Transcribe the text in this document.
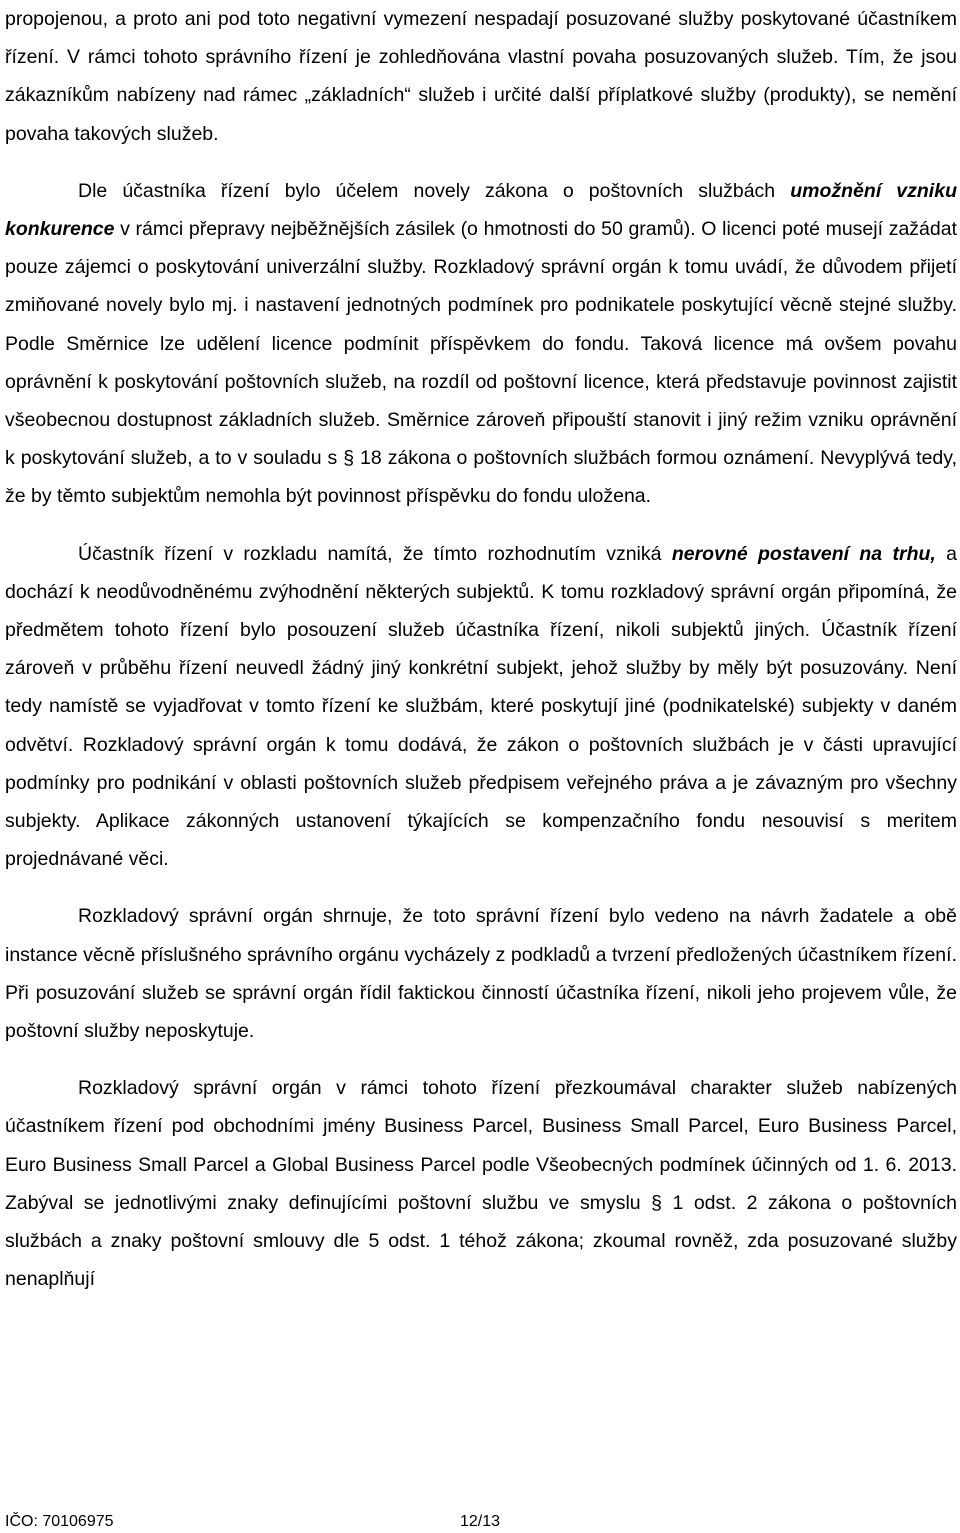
propojenou, a proto ani pod toto negativní vymezení nespadají posuzované služby poskytované účastníkem řízení. V rámci tohoto správního řízení je zohledňována vlastní povaha posuzovaných služeb. Tím, že jsou zákazníkům nabízeny nad rámec „základních“ služeb i určité další příplatkové služby (produkty), se nemění povaha takových služeb.

Dle účastníka řízení bylo účelem novely zákona o poštovních službách umožnění vzniku konkurence v rámci přepravy nejběžnějších zásilek (o hmotnosti do 50 gramů). O licenci poté musejí zažádat pouze zájemci o poskytování univerzální služby. Rozkladový správní orgán k tomu uvádí, že důvodem přijetí zmiňované novely bylo mj. i nastavení jednotných podmínek pro podnikatele poskytující věcně stejné služby. Podle Směrnice lze udělení licence podmínit příspěvkem do fondu. Taková licence má ovšem povahu oprávnění k poskytování poštovních služeb, na rozdíl od poštovní licence, která představuje povinnost zajistit všeobecnou dostupnost základních služeb. Směrnice zároveň připouští stanovit i jiný režim vzniku oprávnění k poskytování služeb, a to v souladu s § 18 zákona o poštovních službách formou oznámení. Nevyplývá tedy, že by těmto subjektům nemohla být povinnost příspěvku do fondu uložena.

Účastník řízení v rozkladu namítá, že tímto rozhodnutím vzniká nerovné postavení na trhu, a dochází k neodůvodněnému zvýhodnění některých subjektů. K tomu rozkladový správní orgán připomíná, že předmětem tohoto řízení bylo posouzení služeb účastníka řízení, nikoli subjektů jiných. Účastník řízení zároveň v průběhu řízení neuvedl žádný jiný konkrétní subjekt, jehož služby by měly být posuzovány. Není tedy namístě se vyjadřovat v tomto řízení ke službám, které poskytují jiné (podnikatelské) subjekty v daném odvětví. Rozkladový správní orgán k tomu dodává, že zákon o poštovních službách je v části upravující podmínky pro podnikání v oblasti poštovních služeb předpisem veřejného práva a je závazným pro všechny subjekty. Aplikace zákonných ustanovení týkajících se kompenzačního fondu nesouvisí s meritem projednávané věci.

Rozkladový správní orgán shrnuje, že toto správní řízení bylo vedeno na návrh žadatele a obě instance věcně příslušného správního orgánu vycházely z podkladů a tvrzení předložených účastníkem řízení. Při posuzování služeb se správní orgán řídil faktickou činností účastníka řízení, nikoli jeho projevem vůle, že poštovní služby neposkytuje.

Rozkladový správní orgán v rámci tohoto řízení přezkoumával charakter služeb nabízených účastníkem řízení pod obchodními jmény Business Parcel, Business Small Parcel, Euro Business Parcel, Euro Business Small Parcel a Global Business Parcel podle Všeobecných podmínek účinných od 1. 6. 2013. Zabýval se jednotlivými znaky definujícími poštovní službu ve smyslu § 1 odst. 2 zákona o poštovních službách a znaky poštovní smlouvy dle 5 odst. 1 téhož zákona; zkoumal rovněž, zda posuzované služby nenaplňují

IČO: 70106975	12/13
